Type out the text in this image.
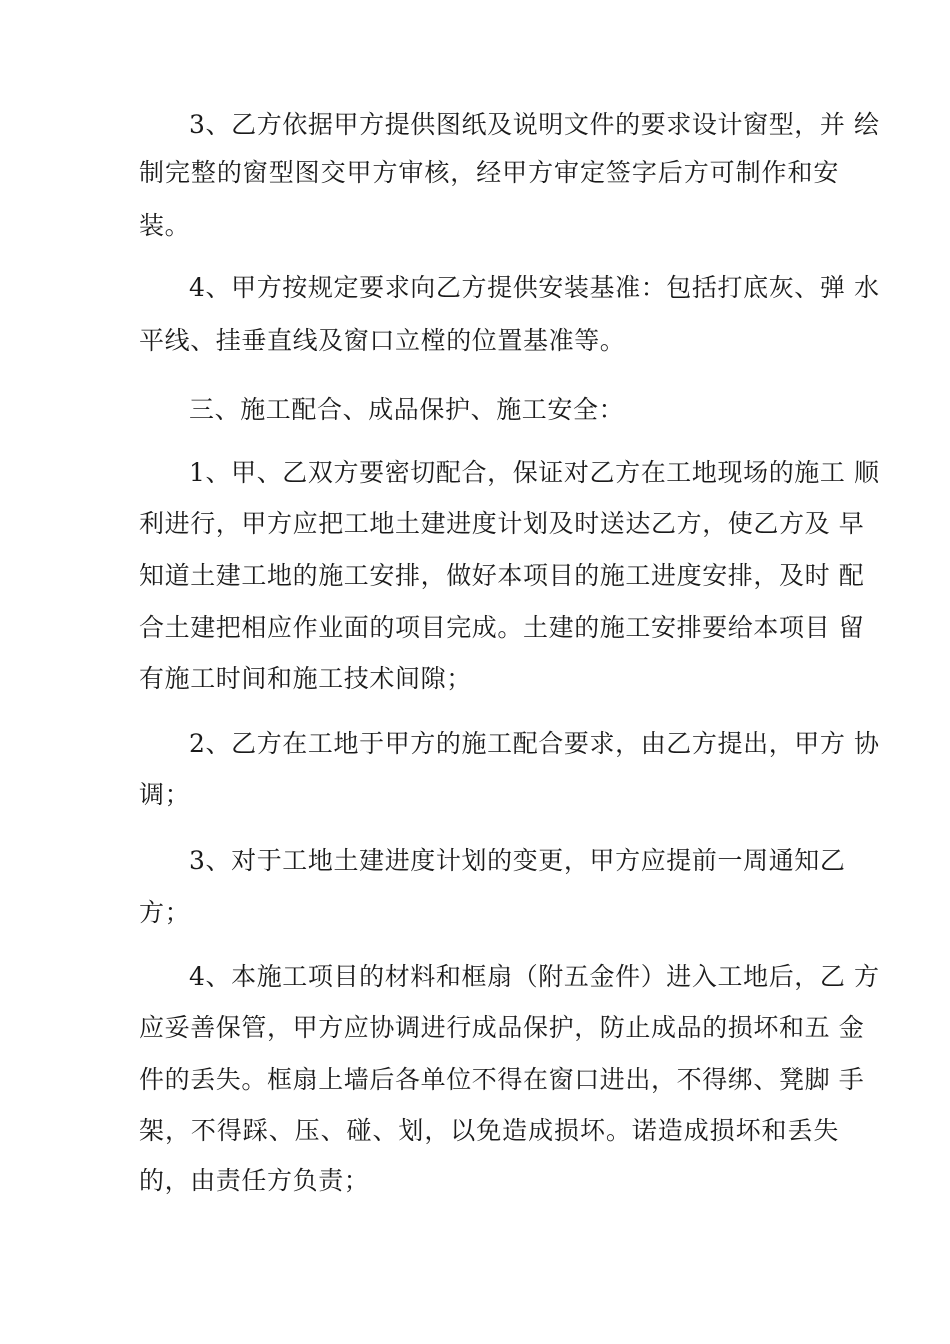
3、乙方依据甲方提供图纸及说明文件的要求设计窗型，并 绘
制完整的窗型图交甲方审核，经甲方审定签字后方可制作和安
装。
4、甲方按规定要求向乙方提供安装基准：包括打底灰、弹 水
平线、挂垂直线及窗口立樘的位置基准等。
三、施工配合、成品保护、施工安全：
1、甲、乙双方要密切配合，保证对乙方在工地现场的施工 顺
利进行，甲方应把工地土建进度计划及时送达乙方，使乙方及 早
知道土建工地的施工安排，做好本项目的施工进度安排，及时 配
合土建把相应作业面的项目完成。土建的施工安排要给本项目 留
有施工时间和施工技术间隙；
2、乙方在工地于甲方的施工配合要求，由乙方提出，甲方 协
调；
3、对于工地土建进度计划的变更，甲方应提前一周通知乙
方；
4、本施工项目的材料和框扇（附五金件）进入工地后，乙 方
应妥善保管，甲方应协调进行成品保护，防止成品的损坏和五 金
件的丢失。框扇上墙后各单位不得在窗口进出，不得绑、凳脚 手
架，不得踩、压、碰、划，以免造成损坏。诺造成损坏和丢失
的，由责任方负责；
